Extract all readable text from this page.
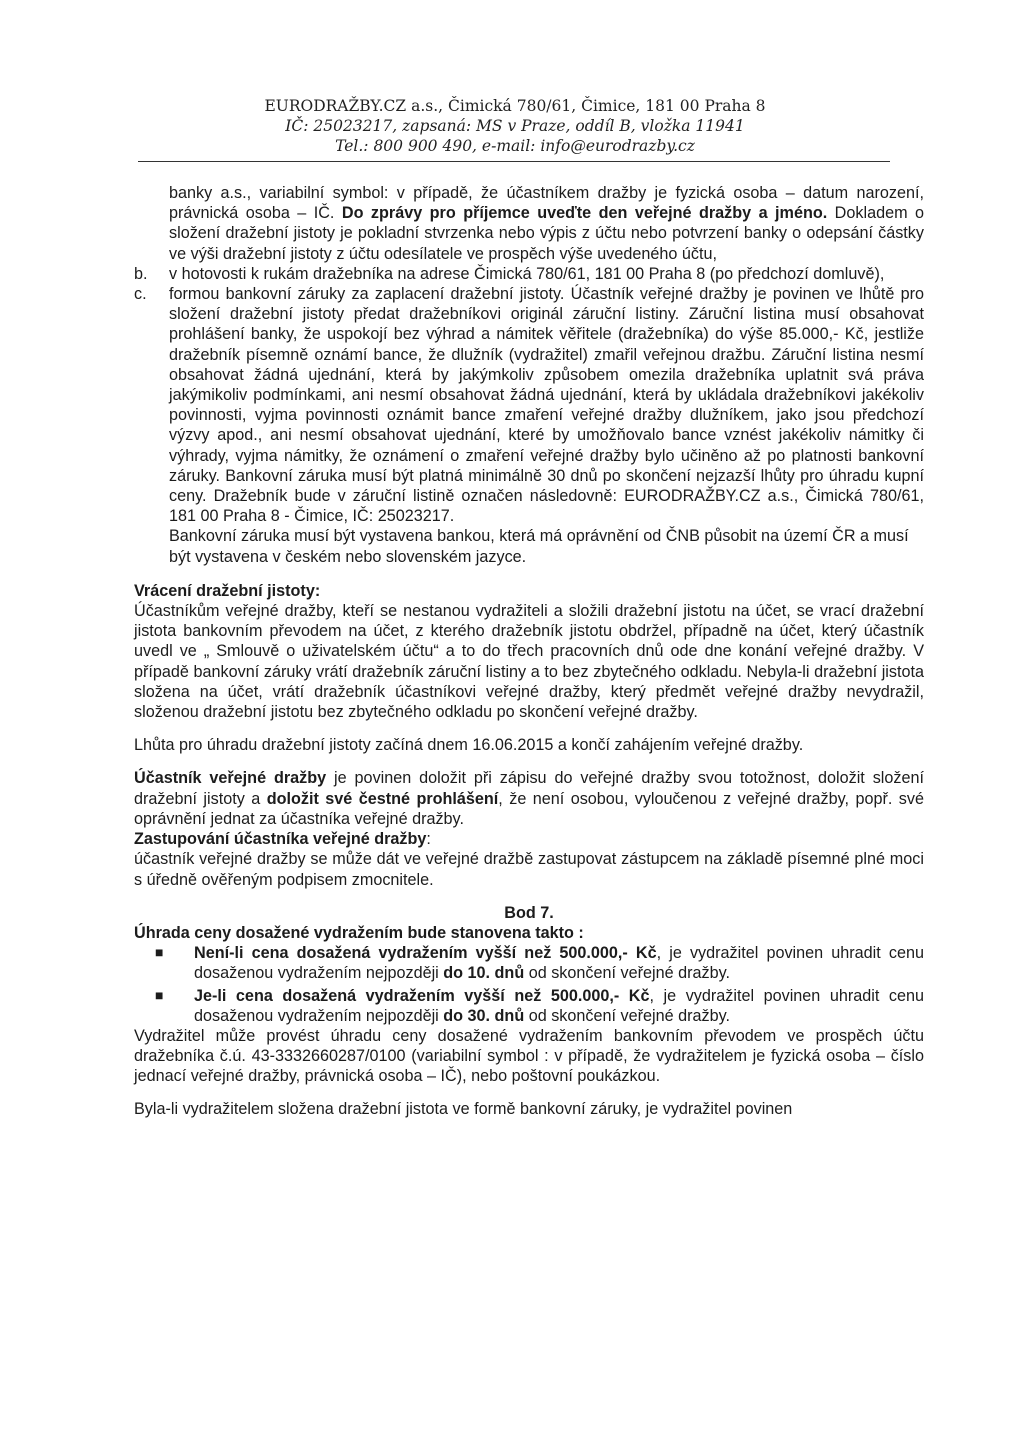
EURODRAŽBY.CZ a.s., Čimická 780/61, Čimice, 181 00 Praha 8
IČ: 25023217, zapsaná: MS v Praze, oddíl B, vložka 11941
Tel.: 800 900 490, e-mail: info@eurodrazby.cz

banky a.s., variabilní symbol: v případě, že účastníkem dražby je fyzická osoba – datum narození, právnická osoba – IČ. Do zprávy pro příjemce uveďte den veřejné dražby a jméno. Dokladem o složení dražební jistoty je pokladní stvrzenka nebo výpis z účtu nebo potvrzení banky o odepsání částky ve výši dražební jistoty z účtu odesílatele ve prospěch výše uvedeného účtu,

b. v hotovosti k rukám dražebníka na adrese Čimická 780/61, 181 00 Praha 8 (po předchozí domluvě),

c. formou bankovní záruky za zaplacení dražební jistoty. Účastník veřejné dražby je povinen ve lhůtě pro složení dražební jistoty předat dražebníkovi originál záruční listiny. Záruční listina musí obsahovat prohlášení banky, že uspokojí bez výhrad a námitek věřitele (dražebníka) do výše 85.000,- Kč, jestliže dražebník písemně oznámí bance, že dlužník (vydražitel) zmařil veřejnou dražbu. Záruční listina nesmí obsahovat žádná ujednání, která by jakýmkoliv způsobem omezila dražebníka uplatnit svá práva jakýmikoliv podmínkami, ani nesmí obsahovat žádná ujednání, která by ukládala dražebníkovi jakékoliv povinnosti, vyjma povinnosti oznámit bance zmaření veřejné dražby dlužníkem, jako jsou předchozí výzvy apod., ani nesmí obsahovat ujednání, které by umožňovalo bance vznést jakékoliv námitky či výhrady, vyjma námitky, že oznámení o zmaření veřejné dražby bylo učiněno až po platnosti bankovní záruky. Bankovní záruka musí být platná minimálně 30 dnů po skončení nejzazší lhůty pro úhradu kupní ceny. Dražebník bude v záruční listině označen následovně: EURODRAŽBY.CZ a.s., Čimická 780/61, 181 00 Praha 8 - Čimice, IČ: 25023217.

Bankovní záruka musí být vystavena bankou, která má oprávnění od ČNB působit na území ČR a musí být vystavena v českém nebo slovenském jazyce.

Vrácení dražební jistoty:

Účastníkům veřejné dražby, kteří se nestanou vydražiteli a složili dražební jistotu na účet, se vrací dražební jistota bankovním převodem na účet, z kterého dražebník jistotu obdržel, případně na účet, který účastník uvedl ve „ Smlouvě o uživatelském účtu“ a to do třech pracovních dnů ode dne konání veřejné dražby. V případě bankovní záruky vrátí dražebník záruční listiny a to bez zbytečného odkladu. Nebyla-li dražební jistota složena na účet, vrátí dražebník účastníkovi veřejné dražby, který předmět veřejné dražby nevydražil, složenou dražební jistotu bez zbytečného odkladu po skončení veřejné dražby.

Lhůta pro úhradu dražební jistoty začíná dnem 16.06.2015 a končí zahájením veřejné dražby.

Účastník veřejné dražby je povinen doložit při zápisu do veřejné dražby svou totožnost, doložit složení dražební jistoty a doložit své čestné prohlášení, že není osobou, vyloučenou z veřejné dražby, popř. své oprávnění jednat za účastníka veřejné dražby.

Zastupování účastníka veřejné dražby:

účastník veřejné dražby se může dát ve veřejné dražbě zastupovat zástupcem na základě písemné plné moci s úředně ověřeným podpisem zmocnitele.

Bod 7.

Úhrada ceny dosažené vydražením bude stanovena takto :

■ Není-li cena dosažená vydražením vyšší než 500.000,- Kč, je vydražitel povinen uhradit cenu dosaženou vydražením nejpozději do 10. dnů od skončení veřejné dražby.

■ Je-li cena dosažená vydražením vyšší než 500.000,- Kč, je vydražitel povinen uhradit cenu dosaženou vydražením nejpozději do 30. dnů od skončení veřejné dražby.

Vydražitel může provést úhradu ceny dosažené vydražením bankovním převodem ve prospěch účtu dražebníka č.ú. 43-3332660287/0100 (variabilní symbol : v případě, že vydražitelem je fyzická osoba – číslo jednací veřejné dražby, právnická osoba – IČ), nebo poštovní poukázkou.

Byla-li vydražitelem složena dražební jistota ve formě bankovní záruky, je vydražitel povinen
